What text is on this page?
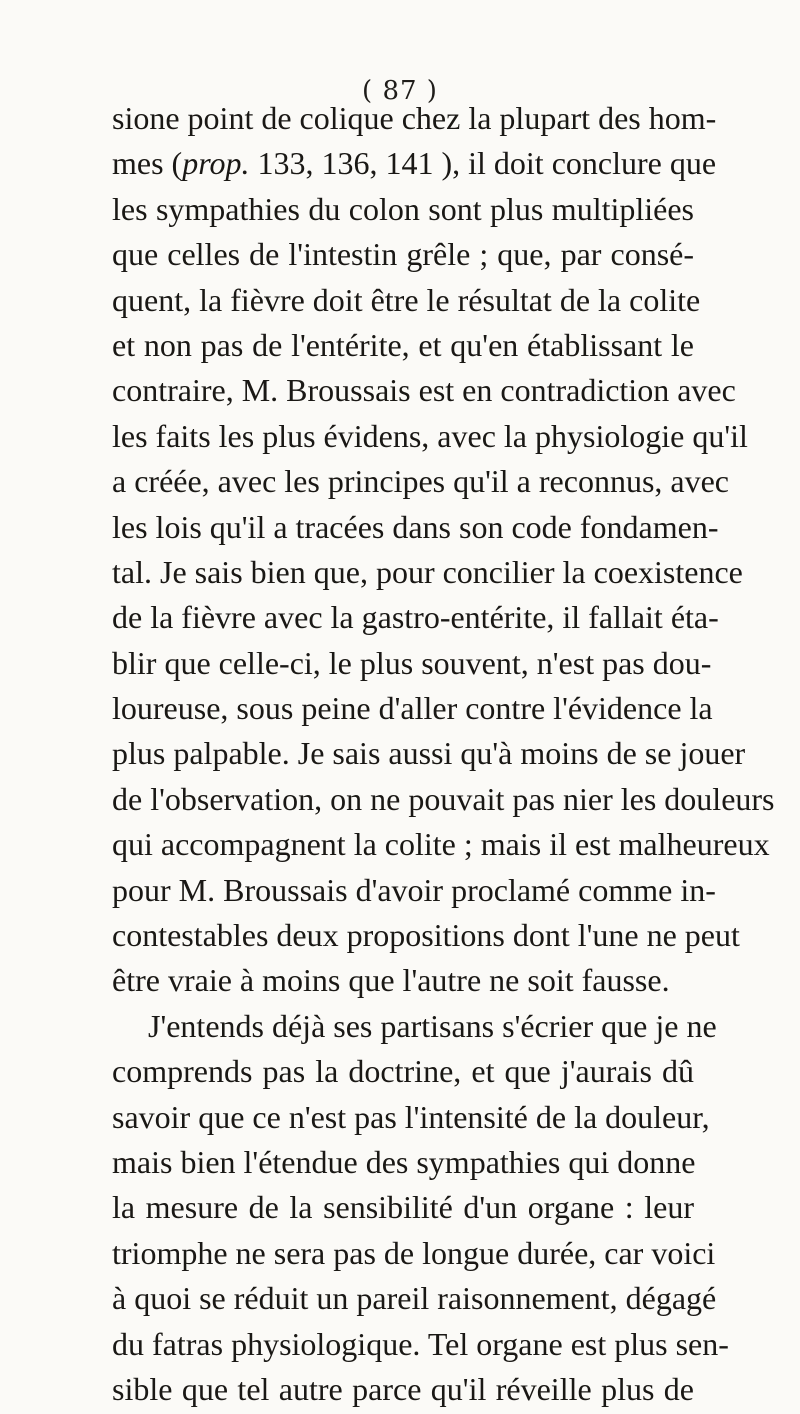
( 87 )
sione point de colique chez la plupart des hom-
mes (prop. 133, 136, 141 ), il doit conclure que
les sympathies du colon sont plus multipliées
que celles de l'intestin grêle ; que, par consé-
quent, la fièvre doit être le résultat de la colite
et non pas de l'entérite, et qu'en établissant le
contraire, M. Broussais est en contradiction avec
les faits les plus évidens, avec la physiologie qu'il
a créée, avec les principes qu'il a reconnus, avec
les lois qu'il a tracées dans son code fondamen-
tal. Je sais bien que, pour concilier la coexistence
de la fièvre avec la gastro-entérite, il fallait éta-
blir que celle-ci, le plus souvent, n'est pas dou-
loureuse, sous peine d'aller contre l'évidence la
plus palpable. Je sais aussi qu'à moins de se jouer
de l'observation, on ne pouvait pas nier les douleurs
qui accompagnent la colite ; mais il est malheureux
pour M. Broussais d'avoir proclamé comme in-
contestables deux propositions dont l'une ne peut
être vraie à moins que l'autre ne soit fausse.
J'entends déjà ses partisans s'écrier que je ne
comprends pas la doctrine, et que j'aurais dû
savoir que ce n'est pas l'intensité de la douleur,
mais bien l'étendue des sympathies qui donne
la mesure de la sensibilité d'un organe : leur
triomphe ne sera pas de longue durée, car voici
à quoi se réduit un pareil raisonnement, dégagé
du fatras physiologique. Tel organe est plus sen-
sible que tel autre parce qu'il réveille plus de
